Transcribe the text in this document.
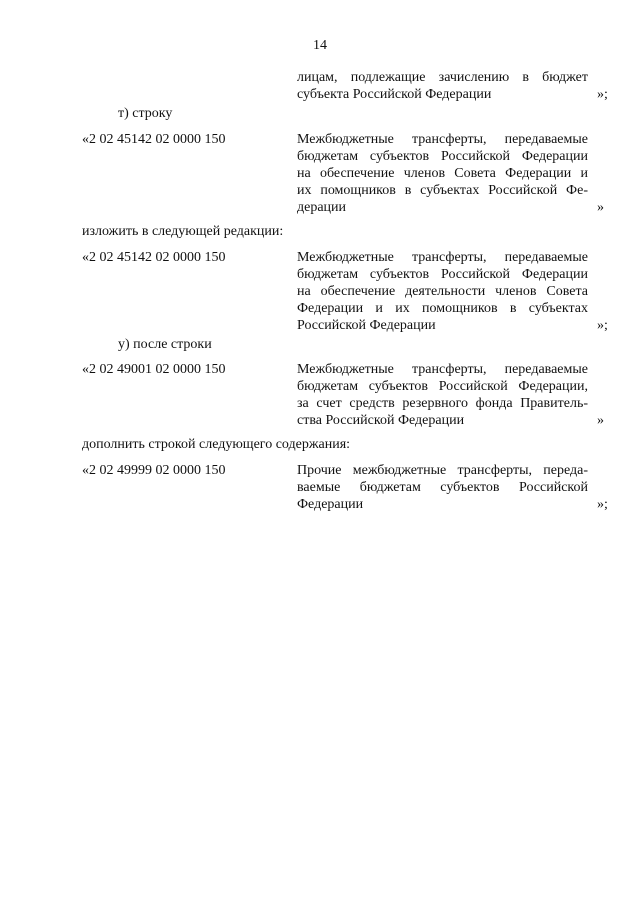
14
лицам, подлежащие зачислению в бюджет
субъекта Российской Федерации	»;
т) строку
«2 02 45142 02 0000 150	Межбюджетные трансферты, передаваемые
бюджетам субъектов Российской Федерации
на обеспечение членов Совета Федерации и
их помощников в субъектах Российской Фе-
дерации	»
изложить в следующей редакции:
«2 02 45142 02 0000 150	Межбюджетные трансферты, передаваемые
бюджетам субъектов Российской Федерации
на обеспечение деятельности членов Совета
Федерации и их помощников в субъектах
Российской Федерации	»;
у) после строки
«2 02 49001 02 0000 150	Межбюджетные трансферты, передаваемые
бюджетам субъектов Российской Федерации,
за счет средств резервного фонда Правитель-
ства Российской Федерации	»
дополнить строкой следующего содержания:
«2 02 49999 02 0000 150	Прочие межбюджетные трансферты, переда-
ваемые бюджетам субъектов Российской
Федерации	»;
